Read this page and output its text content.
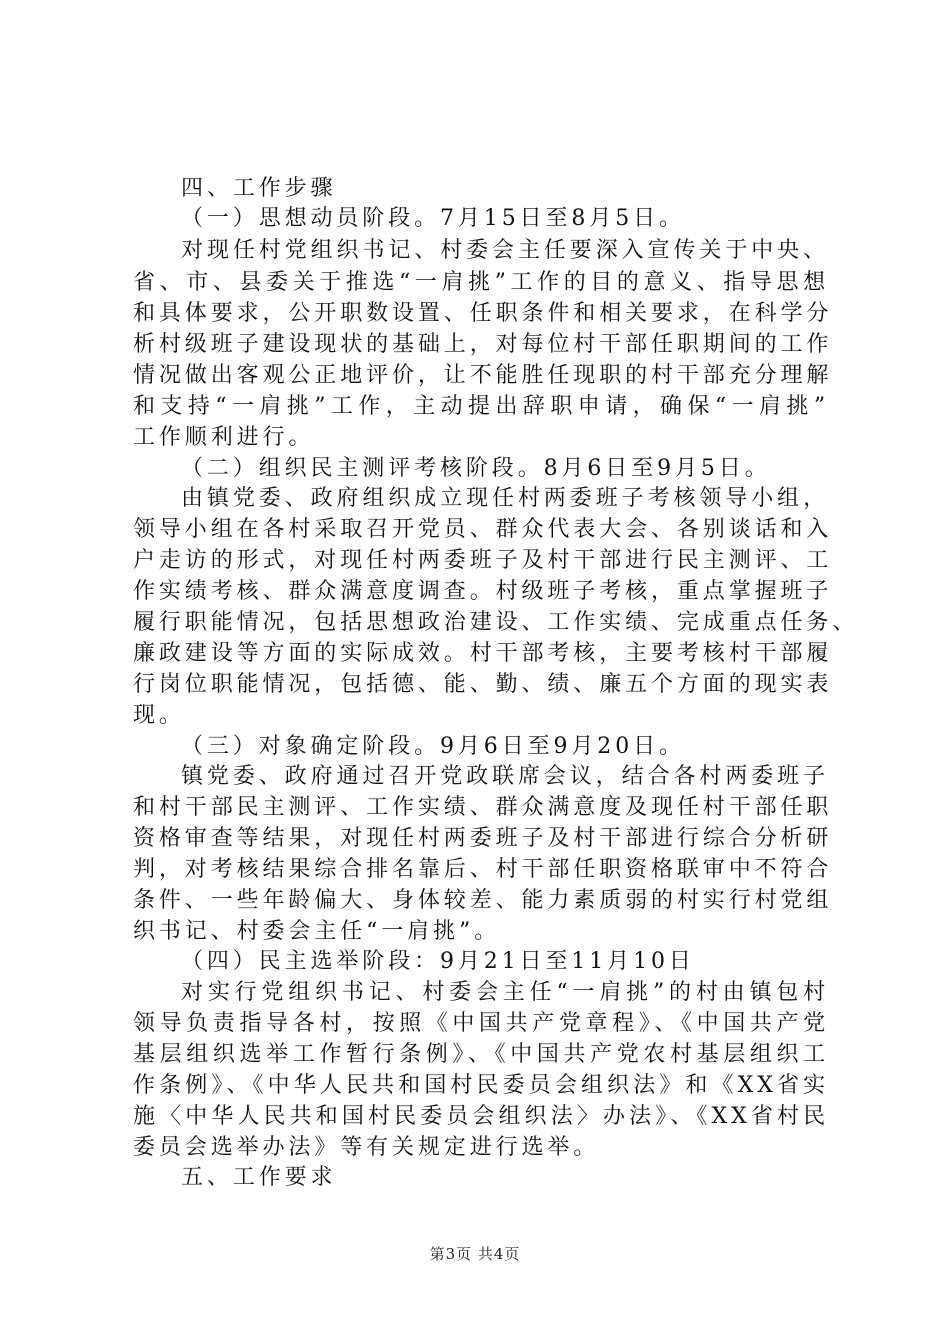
四、工作步骤
（一）思想动员阶段。7月15日至8月5日。
对现任村党组织书记、村委会主任要深入宣传关于中央、
省、市、县委关于推选“一肩挑”工作的目的意义、指导思想
和具体要求，公开职数设置、任职条件和相关要求，在科学分
析村级班子建设现状的基础上，对每位村干部任职期间的工作
情况做出客观公正地评价，让不能胜任现职的村干部充分理解
和支持“一肩挑”工作，主动提出辞职申请，确保“一肩挑”
工作顺利进行。
（二）组织民主测评考核阶段。8月6日至9月5日。
由镇党委、政府组织成立现任村两委班子考核领导小组，
领导小组在各村采取召开党员、群众代表大会、各别谈话和入
户走访的形式，对现任村两委班子及村干部进行民主测评、工
作实绩考核、群众满意度调查。村级班子考核，重点掌握班子
履行职能情况，包括思想政治建设、工作实绩、完成重点任务、
廉政建设等方面的实际成效。村干部考核，主要考核村干部履
行岗位职能情况，包括德、能、勤、绩、廉五个方面的现实表
现。
（三）对象确定阶段。9月6日至9月20日。
镇党委、政府通过召开党政联席会议，结合各村两委班子
和村干部民主测评、工作实绩、群众满意度及现任村干部任职
资格审查等结果，对现任村两委班子及村干部进行综合分析研
判，对考核结果综合排名靠后、村干部任职资格联审中不符合
条件、一些年龄偏大、身体较差、能力素质弱的村实行村党组
织书记、村委会主任“一肩挑”。
（四）民主选举阶段：9月21日至11月10日
对实行党组织书记、村委会主任“一肩挑”的村由镇包村
领导负责指导各村，按照《中国共产党章程》、《中国共产党
基层组织选举工作暂行条例》、《中国共产党农村基层组织工
作条例》、《中华人民共和国村民委员会组织法》和《XX省实
施〈中华人民共和国村民委员会组织法〉办法》、《XX省村民
委员会选举办法》等有关规定进行选举。
五、工作要求
第3页 共4页
